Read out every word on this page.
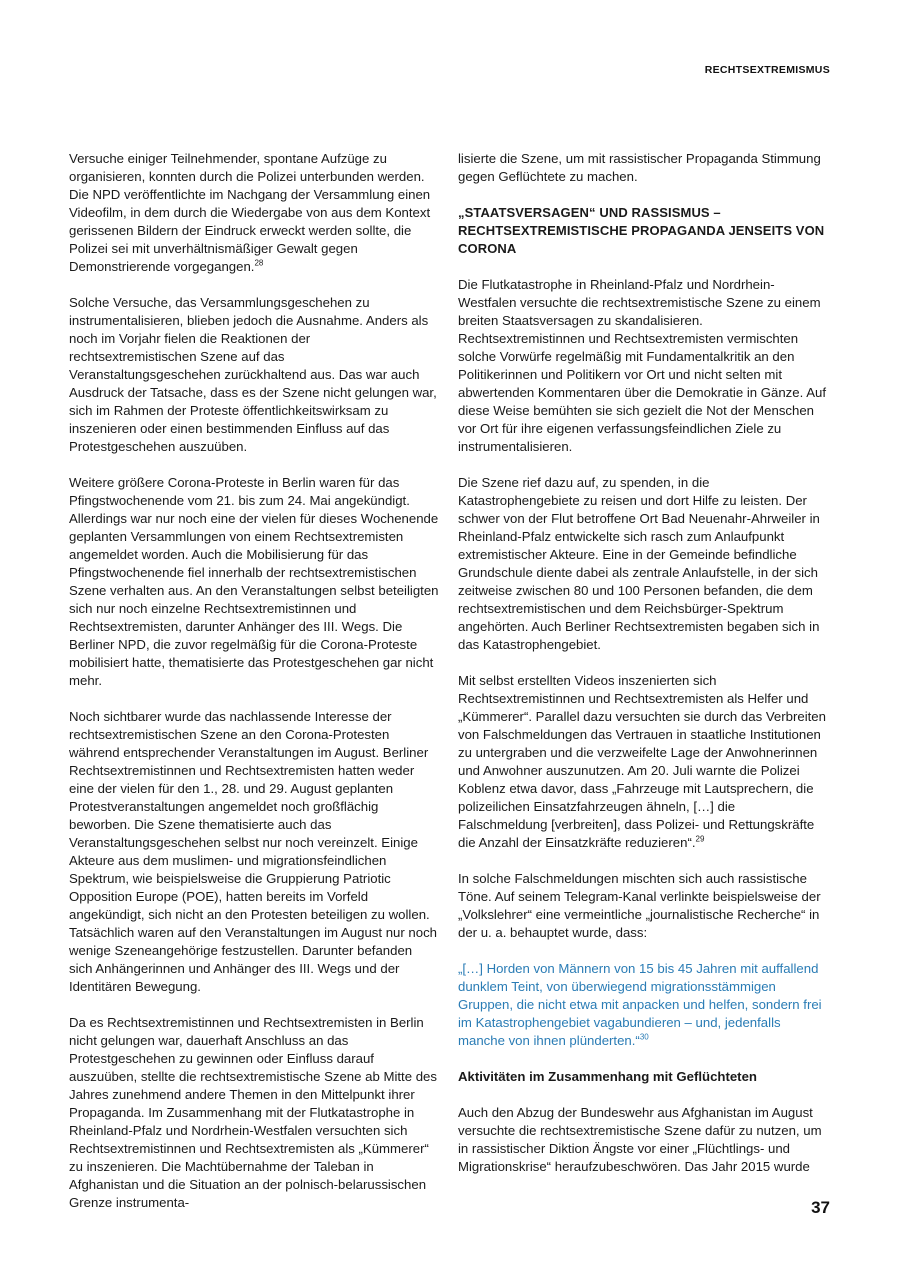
RECHTSEXTREMISMUS

Versuche einiger Teilnehmender, spontane Aufzüge zu organisieren, konnten durch die Polizei unterbunden werden. Die NPD veröffentlichte im Nachgang der Versammlung einen Videofilm, in dem durch die Wiedergabe von aus dem Kontext gerissenen Bildern der Eindruck erweckt werden sollte, die Polizei sei mit unverhältnismäßiger Gewalt gegen Demonstrierende vorgegangen.$^{28}$

Solche Versuche, das Versammlungsgeschehen zu instrumentalisieren, blieben jedoch die Ausnahme. Anders als noch im Vorjahr fielen die Reaktionen der rechtsextremistischen Szene auf das Veranstaltungsgeschehen zurückhaltend aus. Das war auch Ausdruck der Tatsache, dass es der Szene nicht gelungen war, sich im Rahmen der Proteste öffentlichkeitswirksam zu inszenieren oder einen bestimmenden Einfluss auf das Protestgeschehen auszuüben.

Weitere größere Corona-Proteste in Berlin waren für das Pfingstwochenende vom 21. bis zum 24. Mai angekündigt. Allerdings war nur noch eine der vielen für dieses Wochenende geplanten Versammlungen von einem Rechtsextremisten angemeldet worden. Auch die Mobilisierung für das Pfingstwochenende fiel innerhalb der rechtsextremistischen Szene verhalten aus. An den Veranstaltungen selbst beteiligten sich nur noch einzelne Rechtsextremistinnen und Rechtsextremisten, darunter Anhänger des III. Wegs. Die Berliner NPD, die zuvor regelmäßig für die Corona-Proteste mobilisiert hatte, thematisierte das Protestgeschehen gar nicht mehr.

Noch sichtbarer wurde das nachlassende Interesse der rechtsextremistischen Szene an den Corona-Protesten während entsprechender Veranstaltungen im August. Berliner Rechtsextremistinnen und Rechtsextremisten hatten weder eine der vielen für den 1., 28. und 29. August geplanten Protestveranstaltungen angemeldet noch großflächig beworben. Die Szene thematisierte auch das Veranstaltungsgeschehen selbst nur noch vereinzelt. Einige Akteure aus dem muslimen- und migrationsfeindlichen Spektrum, wie beispielsweise die Gruppierung Patriotic Opposition Europe (POE), hatten bereits im Vorfeld angekündigt, sich nicht an den Protesten beteiligen zu wollen. Tatsächlich waren auf den Veranstaltungen im August nur noch wenige Szeneangehörige festzustellen. Darunter befanden sich Anhängerinnen und Anhänger des III. Wegs und der Identitären Bewegung.

Da es Rechtsextremistinnen und Rechtsextremisten in Berlin nicht gelungen war, dauerhaft Anschluss an das Protestgeschehen zu gewinnen oder Einfluss darauf auszuüben, stellte die rechtsextremistische Szene ab Mitte des Jahres zunehmend andere Themen in den Mittelpunkt ihrer Propaganda. Im Zusammenhang mit der Flutkatastrophe in Rheinland-Pfalz und Nordrhein-Westfalen versuchten sich Rechtsextremistinnen und Rechtsextremisten als „Kümmerer“ zu inszenieren. Die Machtübernahme der Taleban in Afghanistan und die Situation an der polnisch-belarussischen Grenze instrumenta-

lisierte die Szene, um mit rassistischer Propaganda Stimmung gegen Geflüchtete zu machen.

„STAATSVERSAGEN“ UND RASSISMUS – RECHTSEXTREMISTISCHE PROPAGANDA JENSEITS VON CORONA

Die Flutkatastrophe in Rheinland-Pfalz und Nordrhein-Westfalen versuchte die rechtsextremistische Szene zu einem breiten Staatsversagen zu skandalisieren. Rechtsextremistinnen und Rechtsextremisten vermischten solche Vorwürfe regelmäßig mit Fundamentalkritik an den Politikerinnen und Politikern vor Ort und nicht selten mit abwertenden Kommentaren über die Demokratie in Gänze. Auf diese Weise bemühten sie sich gezielt die Not der Menschen vor Ort für ihre eigenen verfassungsfeindlichen Ziele zu instrumentalisieren.

Die Szene rief dazu auf, zu spenden, in die Katastrophengebiete zu reisen und dort Hilfe zu leisten. Der schwer von der Flut betroffene Ort Bad Neuenahr-Ahrweiler in Rheinland-Pfalz entwickelte sich rasch zum Anlaufpunkt extremistischer Akteure. Eine in der Gemeinde befindliche Grundschule diente dabei als zentrale Anlaufstelle, in der sich zeitweise zwischen 80 und 100 Personen befanden, die dem rechtsextremistischen und dem Reichsbürger-Spektrum angehörten. Auch Berliner Rechtsextremisten begaben sich in das Katastrophengebiet.

Mit selbst erstellten Videos inszenierten sich Rechtsextremistinnen und Rechtsextremisten als Helfer und „Kümmerer“. Parallel dazu versuchten sie durch das Verbreiten von Falschmeldungen das Vertrauen in staatliche Institutionen zu untergraben und die verzweifelte Lage der Anwohnerinnen und Anwohner auszunutzen. Am 20. Juli warnte die Polizei Koblenz etwa davor, dass „Fahrzeuge mit Lautsprechern, die polizeilichen Einsatzfahrzeugen ähneln, […] die Falschmeldung [verbreiten], dass Polizei- und Rettungskräfte die Anzahl der Einsatzkräfte reduzieren“.$^{29}$

In solche Falschmeldungen mischten sich auch rassistische Töne. Auf seinem Telegram-Kanal verlinkte beispielsweise der „Volkslehrer“ eine vermeintliche „journalistische Recherche“ in der u. a. behauptet wurde, dass:

„[…] Horden von Männern von 15 bis 45 Jahren mit auffallend dunklem Teint, von überwiegend migrationsstämmigen Gruppen, die nicht etwa mit anpacken und helfen, sondern frei im Katastrophengebiet vagabundieren – und, jedenfalls manche von ihnen plünderten.“$^{30}$

Aktivitäten im Zusammenhang mit Geflüchteten

Auch den Abzug der Bundeswehr aus Afghanistan im August versuchte die rechtsextremistische Szene dafür zu nutzen, um in rassistischer Diktion Ängste vor einer „Flüchtlings- und Migrationskrise“ heraufzubeschwören. Das Jahr 2015 wurde

37
